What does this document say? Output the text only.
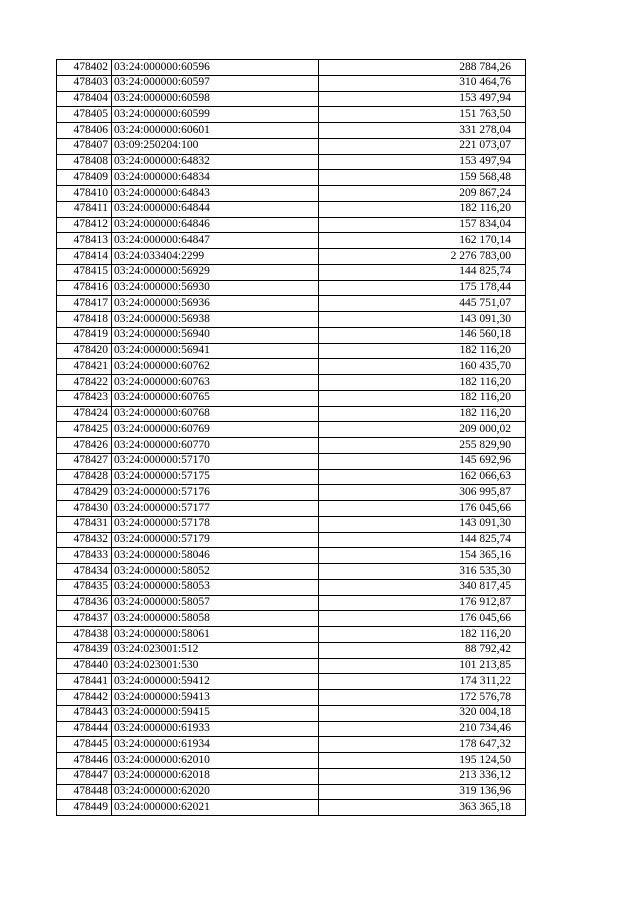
478402	03:24:000000:60596	288 784,26
478403	03:24:000000:60597	310 464,76
478404	03:24:000000:60598	153 497,94
478405	03:24:000000:60599	151 763,50
478406	03:24:000000:60601	331 278,04
478407	03:09:250204:100	221 073,07
478408	03:24:000000:64832	153 497,94
478409	03:24:000000:64834	159 568,48
478410	03:24:000000:64843	209 867,24
478411	03:24:000000:64844	182 116,20
478412	03:24:000000:64846	157 834,04
478413	03:24:000000:64847	162 170,14
478414	03:24:033404:2299	2 276 783,00
478415	03:24:000000:56929	144 825,74
478416	03:24:000000:56930	175 178,44
478417	03:24:000000:56936	445 751,07
478418	03:24:000000:56938	143 091,30
478419	03:24:000000:56940	146 560,18
478420	03:24:000000:56941	182 116,20
478421	03:24:000000:60762	160 435,70
478422	03:24:000000:60763	182 116,20
478423	03:24:000000:60765	182 116,20
478424	03:24:000000:60768	182 116,20
478425	03:24:000000:60769	209 000,02
478426	03:24:000000:60770	255 829,90
478427	03:24:000000:57170	145 692,96
478428	03:24:000000:57175	162 066,63
478429	03:24:000000:57176	306 995,87
478430	03:24:000000:57177	176 045,66
478431	03:24:000000:57178	143 091,30
478432	03:24:000000:57179	144 825,74
478433	03:24:000000:58046	154 365,16
478434	03:24:000000:58052	316 535,30
478435	03:24:000000:58053	340 817,45
478436	03:24:000000:58057	176 912,87
478437	03:24:000000:58058	176 045,66
478438	03:24:000000:58061	182 116,20
478439	03:24:023001:512	88 792,42
478440	03:24:023001:530	101 213,85
478441	03:24:000000:59412	174 311,22
478442	03:24:000000:59413	172 576,78
478443	03:24:000000:59415	320 004,18
478444	03:24:000000:61933	210 734,46
478445	03:24:000000:61934	178 647,32
478446	03:24:000000:62010	195 124,50
478447	03:24:000000:62018	213 336,12
478448	03:24:000000:62020	319 136,96
478449	03:24:000000:62021	363 365,18
